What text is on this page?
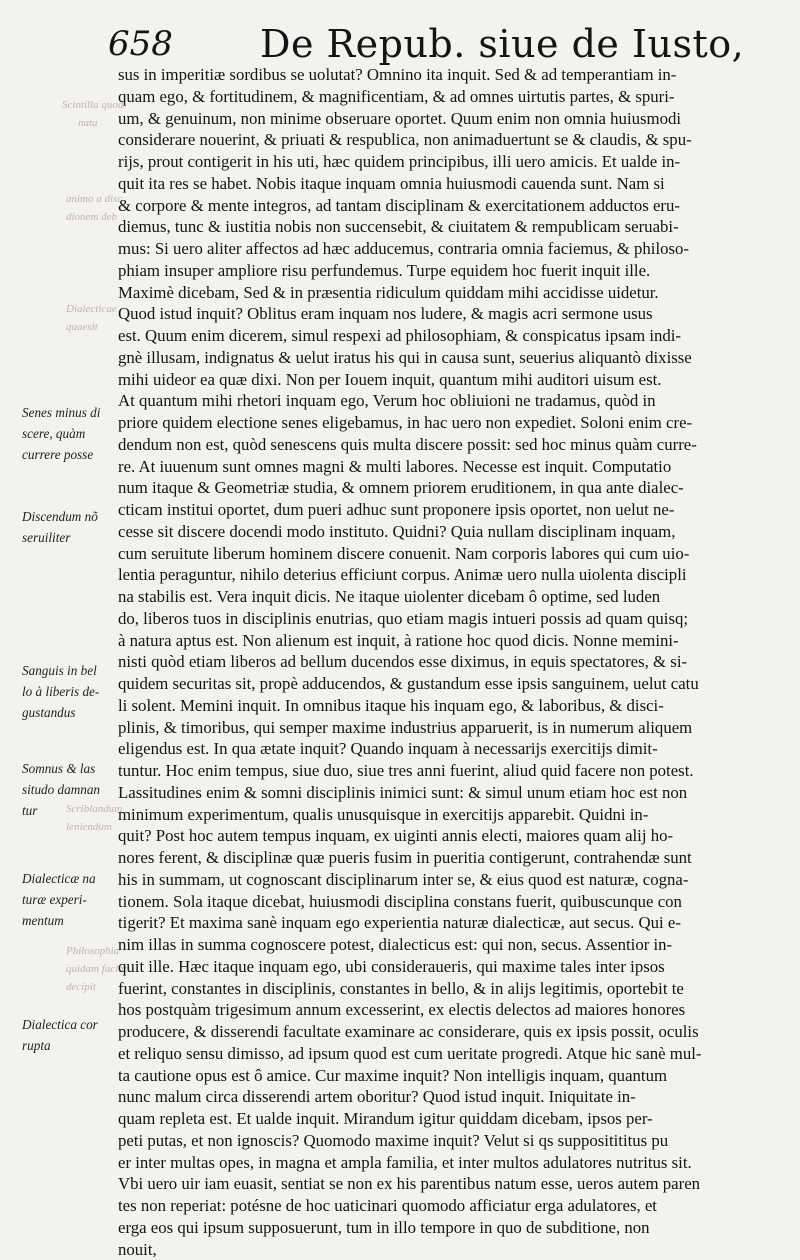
658 De Repub. siue de Iusto,
Scintilla quod
nata
animo a disc
dionem deb
Dialecticae
quaesit
Scriblandum
leniendum
Philosophia
quidam faciat
decipit
Senes minus di
scere, quàm
currere posse
Discendum nõ
seruiliter
Sanguis in bel
lo à liberis de-
gustandus
Somnus & las
situdo damnan
tur
Dialecticæ na
turæ experi-
mentum
Dialectica cor
rupta
sus in imperitiæ sordibus se uolutat? Omnino ita inquit. Sed & ad temperantiam in-
quam ego, & fortitudinem, & magnificentiam, & ad omnes uirtutis partes, & spuri-
um, & genuinum, non minime obseruare oportet. Quum enim non omnia huiusmodi
considerare nouerint, & priuati & respublica, non animaduertunt se & claudis, & spu-
rijs, prout contigerit in his uti, hæc quidem principibus, illi uero amicis. Et ualde in-
quit ita res se habet. Nobis itaque inquam omnia huiusmodi cauenda sunt. Nam si
& corpore & mente integros, ad tantam disciplinam & exercitationem adductos eru-
diemus, tunc & iustitia nobis non succensebit, & ciuitatem & rempublicam seruabi-
mus: Si uero aliter affectos ad hæc adducemus, contraria omnia faciemus, & philoso-
phiam insuper ampliore risu perfundemus. Turpe equidem hoc fuerit inquit ille.
Maximè dicebam, Sed & in præsentia ridiculum quiddam mihi accidisse uidetur.
Quod istud inquit? Oblitus eram inquam nos ludere, & magis acri sermone usus
est. Quum enim dicerem, simul respexi ad philosophiam, & conspicatus ipsam indi-
gnè illusam, indignatus & uelut iratus his qui in causa sunt, seuerius aliquantò dixisse
mihi uideor ea quæ dixi. Non per Iouem inquit, quantum mihi auditori uisum est.
At quantum mihi rhetori inquam ego, Verum hoc obliuioni ne tradamus, quòd in
priore quidem electione senes eligebamus, in hac uero non expediet. Soloni enim cre-
dendum non est, quòd senescens quis multa discere possit: sed hoc minus quàm curre-
re. At iuuenum sunt omnes magni & multi labores. Necesse est inquit. Computatio
num itaque & Geometriæ studia, & omnem priorem eruditionem, in qua ante dialec-
cticam institui oportet, dum pueri adhuc sunt proponere ipsis oportet, non uelut ne-
cesse sit discere docendi modo instituto. Quidni? Quia nullam disciplinam inquam,
cum seruitute liberum hominem discere conuenit. Nam corporis labores qui cum uio-
lentia peraguntur, nihilo deterius efficiunt corpus. Animæ uero nulla uiolenta discipli
na stabilis est. Vera inquit dicis. Ne itaque uiolenter dicebam ô optime, sed luden
do, liberos tuos in disciplinis enutrias, quo etiam magis intueri possis ad quam quisq;
à natura aptus est. Non alienum est inquit, à ratione hoc quod dicis. Nonne memini-
nisti quòd etiam liberos ad bellum ducendos esse diximus, in equis spectatores, & si-
quidem securitas sit, propè adducendos, & gustandum esse ipsis sanguinem, uelut catu
li solent. Memini inquit. In omnibus itaque his inquam ego, & laboribus, & disci-
plinis, & timoribus, qui semper maxime industrius apparuerit, is in numerum aliquem
eligendus est. In qua ætate inquit? Quando inquam à necessarijs exercitijs dimit-
tuntur. Hoc enim tempus, siue duo, siue tres anni fuerint, aliud quid facere non potest.
Lassitudines enim & somni disciplinis inimici sunt: & simul unum etiam hoc est non
minimum experimentum, qualis unusquisque in exercitijs apparebit. Quidni in-
quit? Post hoc autem tempus inquam, ex uiginti annis electi, maiores quam alij ho-
nores ferent, & disciplinæ quæ pueris fusim in pueritia contigerunt, contrahendæ sunt
his in summam, ut cognoscant disciplinarum inter se, & eius quod est naturæ, cogna-
tionem. Sola itaque dicebat, huiusmodi disciplina constans fuerit, quibuscunque con
tigerit? Et maxima sanè inquam ego experientia naturæ dialecticæ, aut secus. Qui e-
nim illas in summa cognoscere potest, dialecticus est: qui non, secus. Assentior in-
quit ille. Hæc itaque inquam ego, ubi consideraueris, qui maxime tales inter ipsos
fuerint, constantes in disciplinis, constantes in bello, & in alijs legitimis, oportebit te
hos postquàm trigesimum annum excesserint, ex electis delectos ad maiores honores
producere, & disserendi facultate examinare ac considerare, quis ex ipsis possit, oculis
et reliquo sensu dimisso, ad ipsum quod est cum ueritate progredi. Atque hic sanè mul-
ta cautione opus est ô amice. Cur maxime inquit? Non intelligis inquam, quantum
nunc malum circa disserendi artem oboritur? Quod istud inquit. Iniquitate in-
quam repleta est. Et ualde inquit. Mirandum igitur quiddam dicebam, ipsos per-
peti putas, et non ignoscis? Quomodo maxime inquit? Velut si qs suppositititus pu
er inter multas opes, in magna et ampla familia, et inter multos adulatores nutritus sit.
Vbi uero uir iam euasit, sentiat se non ex his parentibus natum esse, ueros autem paren
tes non reperiat: potésne de hoc uaticinari quomodo afficiatur erga adulatores, et
erga eos qui ipsum supposuerunt, tum in illo tempore in quo de subditione, non
nouit,
